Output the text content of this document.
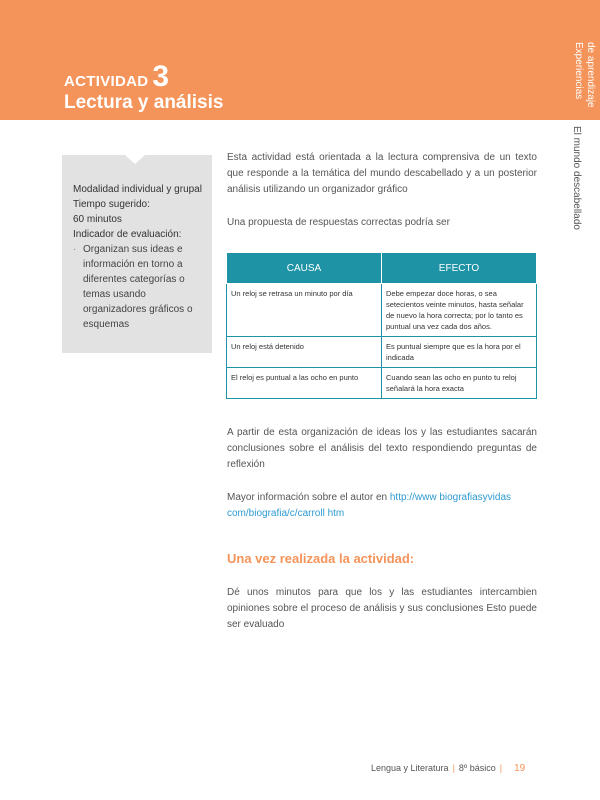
ACTIVIDAD 3
Lectura y análisis
Experiencias de aprendizaje
El mundo descabellado
Modalidad individual y grupal
Tiempo sugerido:
60 minutos
Indicador de evaluación:
· Organizan sus ideas e información en torno a diferentes categorías o temas usando organizadores gráficos o esquemas
Esta actividad está orientada a la lectura comprensiva de un texto que responde a la temática del mundo descabellado y a un posterior análisis utilizando un organizador gráfico
Una propuesta de respuestas correctas podría ser
CAUSA	EFECTO
Un reloj se retrasa un minuto por día	Debe empezar doce horas, o sea setecientos veinte minutos, hasta señalar de nuevo la hora correcta; por lo tanto es puntual una vez cada dos años.
Un reloj está detenido	Es puntual siempre que es la hora por el indicada
El reloj es puntual a las ocho en punto	Cuando sean las ocho en punto tu reloj señalará la hora exacta
A partir de esta organización de ideas los y las estudiantes sacarán conclusiones sobre el análisis del texto respondiendo preguntas de reflexión
Mayor información sobre el autor en http://www biografiasyvidas com/biografia/c/carroll htm
Una vez realizada la actividad:
Dé unos minutos para que los y las estudiantes intercambien opiniones sobre el proceso de análisis y sus conclusiones Esto puede ser evaluado
Lengua y Literatura | 8º básico | 19
